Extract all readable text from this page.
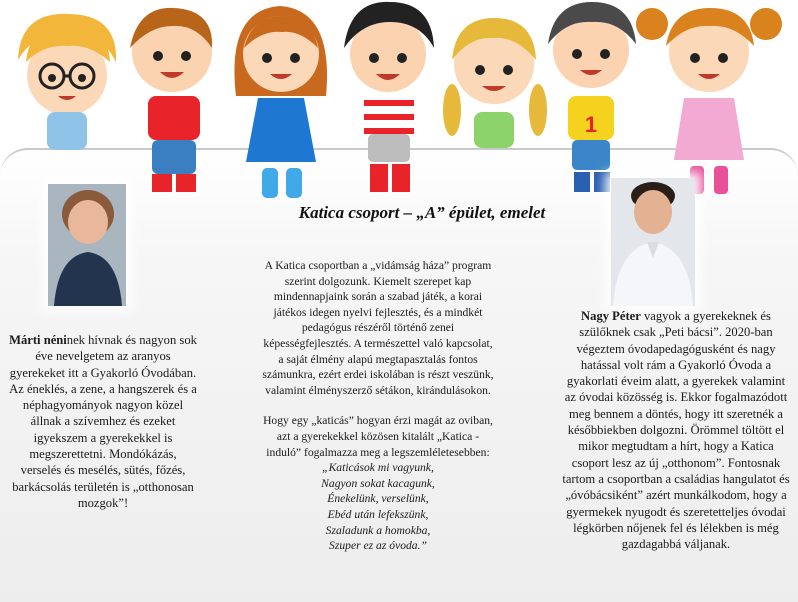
1
Katica csoport – „A” épület, emelet

Márti néninek hívnak és nagyon sok éve nevelgetem az aranyos gyerekeket itt a Gyakorló Óvodában. Az éneklés, a zene, a hangszerek és a néphagyományok nagyon közel állnak a szívemhez és ezeket igyekszem a gyerekekkel is megszerettetni. Mondókázás, verselés és mesélés, sütés, főzés, barkácsolás területén is „otthonosan mozgok”!

A Katica csoportban a „vidámság háza” program szerint dolgozunk. Kiemelt szerepet kap mindennapjaink során a szabad játék, a korai játékos idegen nyelvi fejlesztés, és a mindkét pedagógus részéről történő zenei képességfejlesztés. A természettel való kapcsolat, a saját élmény alapú megtapasztalás fontos számunkra, ezért erdei iskolában is részt veszünk, valamint élményszerző sétákon, kirándulásokon.

Hogy egy „katicás” hogyan érzi magát az oviban, azt a gyerekekkel közösen kitalált „Katica - induló” fogalmazza meg a legszemléletesebben:

„Katicások mi vagyunk,
Nagyon sokat kacagunk,
Énekelünk, verselünk,
Ebéd után lefekszünk,
Szaladunk a homokba,
Szuper ez az óvoda.”

Nagy Péter vagyok a gyerekeknek és szülőknek csak „Peti bácsi”. 2020-ban végeztem óvodapedagógusként és nagy hatással volt rám a Gyakorló Óvoda a gyakorlati éveim alatt, a gyerekek valamint az óvodai közösség is. Ekkor fogalmazódott meg bennem a döntés, hogy itt szeretnék a későbbiekben dolgozni. Örömmel töltött el mikor megtudtam a hírt, hogy a Katica csoport lesz az új „otthonom”. Fontosnak tartom a csoportban a családias hangulatot és „óvóbácsiként” azért munkálkodom, hogy a gyermekek nyugodt és szeretetteljes óvodai légkörben nőjenek fel és lélekben is még gazdagabbá váljanak.
